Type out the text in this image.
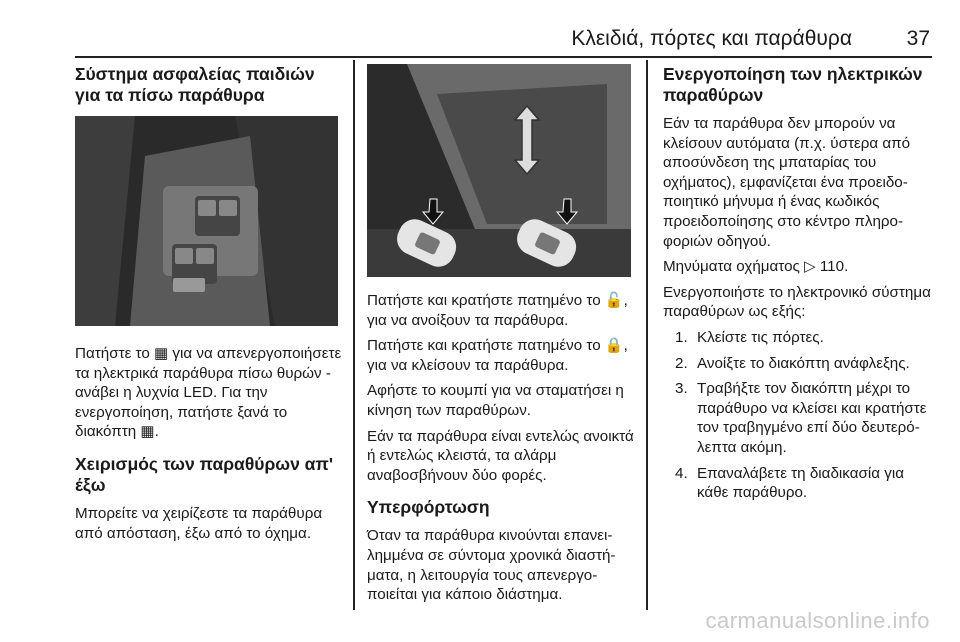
Κλειδιά, πόρτες και παράθυρα	37
Σύστημα ασφαλείας παιδιών για τα πίσω παράθυρα

Πατήστε το ▦ για να απενεργοποιήσετε τα ηλεκτρικά παράθυρα πίσω θυρών - ανάβει η λυχνία LED. Για την ενεργοποίηση, πατήστε ξανά το διακόπτη ▦.

Χειρισμός των παραθύρων απ' έξω

Μπορείτε να χειρίζεστε τα παράθυρα από απόσταση, έξω από το όχημα.

Πατήστε και κρατήστε πατημένο το 🔓, για να ανοίξουν τα παράθυρα.

Πατήστε και κρατήστε πατημένο το 🔒, για να κλείσουν τα παράθυρα.

Αφήστε το κουμπί για να σταματήσει η κίνηση των παραθύρων.

Εάν τα παράθυρα είναι εντελώς ανοικτά ή εντελώς κλειστά, τα αλάρμ αναβοσβήνουν δύο φορές.

Υπερφόρτωση

Όταν τα παράθυρα κινούνται επανειλημμένα σε σύντομα χρονικά διαστήματα, η λειτουργία τους απενεργοποιείται για κάποιο διάστημα.

Ενεργοποίηση των ηλεκτρικών παραθύρων

Εάν τα παράθυρα δεν μπορούν να κλείσουν αυτόματα (π.χ. ύστερα από αποσύνδεση της μπαταρίας του οχήματος), εμφανίζεται ένα προειδοποιητικό μήνυμα ή ένας κωδικός προειδοποίησης στο κέντρο πληροφοριών οδηγού.

Μηνύματα οχήματος ▷ 110.

Ενεργοποιήστε το ηλεκτρονικό σύστημα παραθύρων ως εξής:

1. Κλείστε τις πόρτες.
2. Ανοίξτε το διακόπτη ανάφλεξης.
3. Τραβήξτε τον διακόπτη μέχρι το παράθυρο να κλείσει και κρατήστε τον τραβηγμένο επί δύο δευτερόλεπτα ακόμη.
4. Επαναλάβετε τη διαδικασία για κάθε παράθυρο.
carmanualsonline.info
